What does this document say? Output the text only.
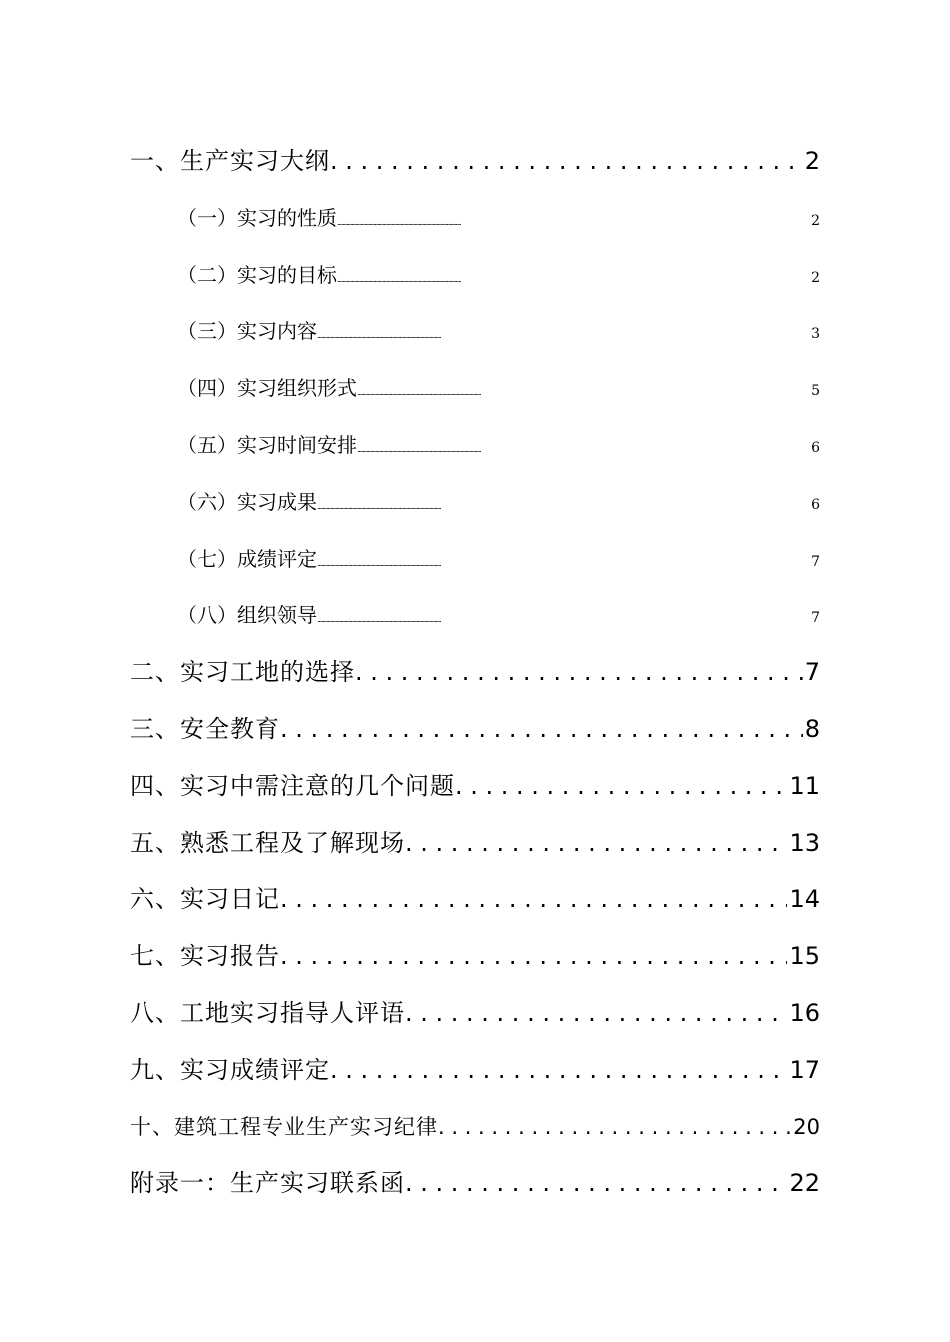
一、生产实习大纲 . . .	2
（一）实习的性质 . . .	2
（二）实习的目标 . . .	2
（三）实习内容 . . .	3
（四）实习组织形式 . . .	5
（五）实习时间安排 . . .	6
（六）实习成果 . . .	6
（七）成绩评定 . . .	7
（八）组织领导 . . .	7
二、实习工地的选择 . . .	7
三、安全教育 . . .	8
四、实习中需注意的几个问题 . . .	11
五、熟悉工程及了解现场 . . .	13
六、实习日记 . . .	14
七、实习报告 . . .	15
八、工地实习指导人评语 . . .	16
九、实习成绩评定 . . .	17
十、建筑工程专业生产实习纪律 . . .	20
附录一：生产实习联系函 . . .	22
